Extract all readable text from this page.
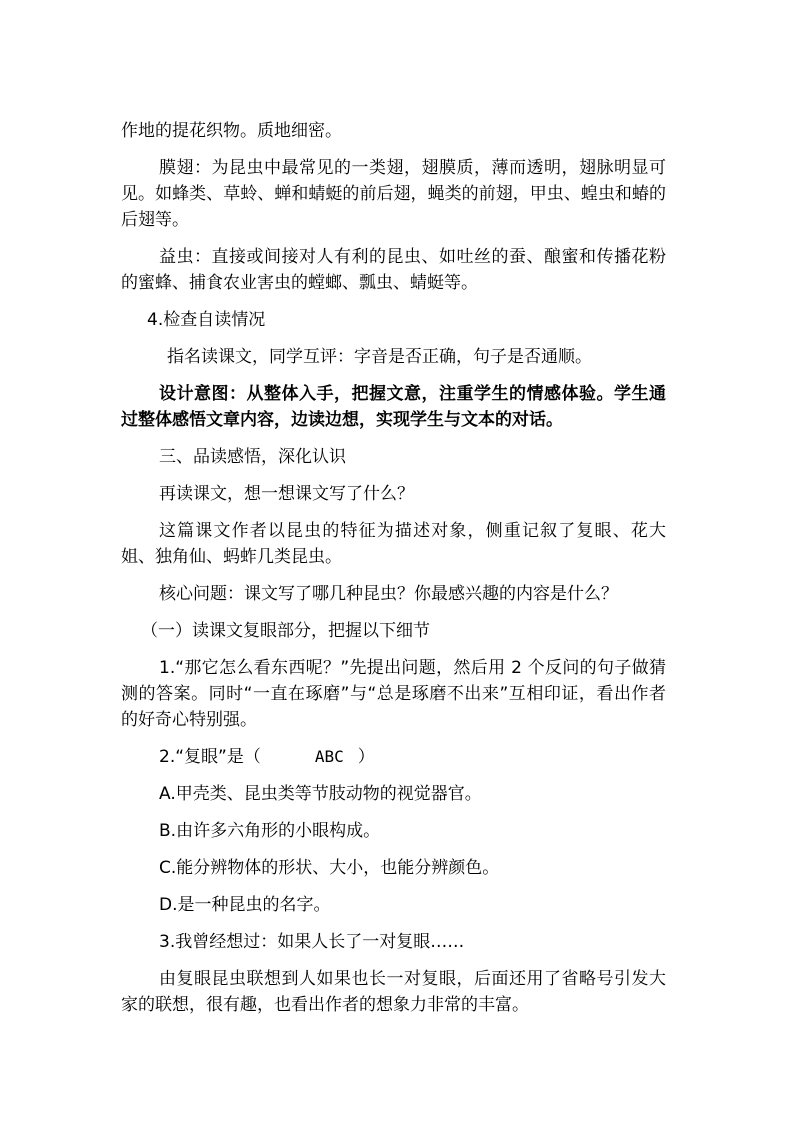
作地的提花织物。质地细密。

膜翅：为昆虫中最常见的一类翅，翅膜质，薄而透明，翅脉明显可见。如蜂类、草蛉、蝉和蜻蜓的前后翅，蝇类的前翅，甲虫、蝗虫和蝽的后翅等。

益虫：直接或间接对人有利的昆虫、如吐丝的蚕、酿蜜和传播花粉的蜜蜂、捕食农业害虫的螳螂、瓢虫、蜻蜓等。

4.检查自读情况

指名读课文，同学互评：字音是否正确，句子是否通顺。

设计意图：从整体入手，把握文意，注重学生的情感体验。学生通过整体感悟文章内容，边读边想，实现学生与文本的对话。

三、品读感悟，深化认识

再读课文，想一想课文写了什么？

这篇课文作者以昆虫的特征为描述对象，侧重记叙了复眼、花大姐、独角仙、蚂蚱几类昆虫。

核心问题：课文写了哪几种昆虫？你最感兴趣的内容是什么？

（一）读课文复眼部分，把握以下细节

1.“那它怎么看东西呢？”先提出问题，然后用 2 个反问的句子做猜测的答案。同时“一直在琢磨”与“总是琢磨不出来”互相印证，看出作者的好奇心特别强。

2.“复眼”是（	ABC ）

A.甲壳类、昆虫类等节肢动物的视觉器官。

B.由许多六角形的小眼构成。

C.能分辨物体的形状、大小，也能分辨颜色。

D.是一种昆虫的名字。

3.我曾经想过：如果人长了一对复眼……

由复眼昆虫联想到人如果也长一对复眼，后面还用了省略号引发大家的联想，很有趣，也看出作者的想象力非常的丰富。
